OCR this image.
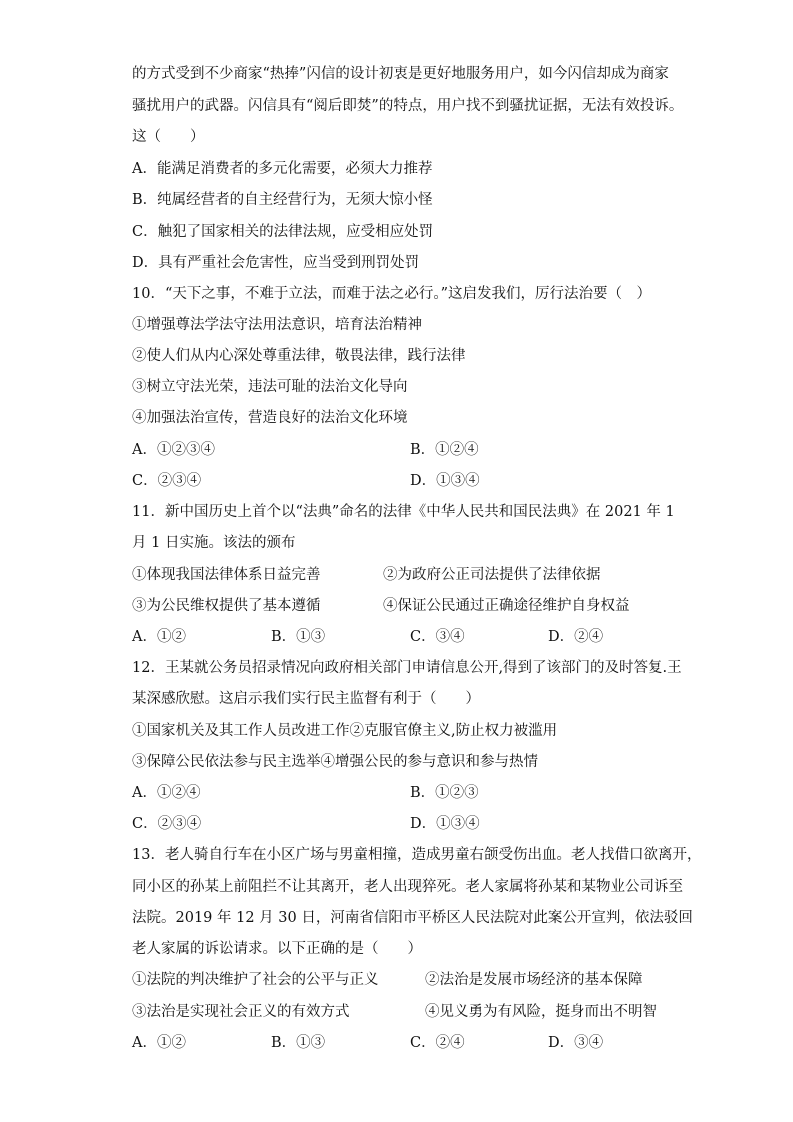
的方式受到不少商家“热捧”闪信的设计初衷是更好地服务用户，如今闪信却成为商家
骚扰用户的武器。闪信具有“阅后即焚”的特点，用户找不到骚扰证据，无法有效投诉。
这（　　）
A．能满足消费者的多元化需要，必须大力推荐
B．纯属经营者的自主经营行为，无须大惊小怪
C．触犯了国家相关的法律法规，应受相应处罚
D．具有严重社会危害性，应当受到刑罚处罚
10．“天下之事，不难于立法，而难于法之必行。”这启发我们，厉行法治要（　）
①增强尊法学法守法用法意识，培育法治精神
②使人们从内心深处尊重法律，敬畏法律，践行法律
③树立守法光荣，违法可耻的法治文化导向
④加强法治宣传，营造良好的法治文化环境
A．①②③④	B．①②④
C．②③④	D．①③④
11．新中国历史上首个以“法典”命名的法律《中华人民共和国民法典》在 2021 年 1
月 1 日实施。该法的颁布
①体现我国法律体系日益完善	②为政府公正司法提供了法律依据
③为公民维权提供了基本遵循	④保证公民通过正确途径维护自身权益
A．①②	B．①③	C．③④	D．②④
12．王某就公务员招录情况向政府相关部门申请信息公开,得到了该部门的及时答复.王
某深感欣慰。这启示我们实行民主监督有利于（　　）
①国家机关及其工作人员改进工作②克服官僚主义,防止权力被滥用
③保障公民依法参与民主选举④增强公民的参与意识和参与热情
A．①②④	B．①②③
C．②③④	D．①③④
13．老人骑自行车在小区广场与男童相撞，造成男童右颌受伤出血。老人找借口欲离开，
同小区的孙某上前阻拦不让其离开，老人出现猝死。老人家属将孙某和某物业公司诉至
法院。2019 年 12 月 30 日，河南省信阳市平桥区人民法院对此案公开宣判，依法驳回
老人家属的诉讼请求。以下正确的是（　　）
①法院的判决维护了社会的公平与正义	②法治是发展市场经济的基本保障
③法治是实现社会正义的有效方式	④见义勇为有风险，挺身而出不明智
A．①②	B．①③	C．②④	D．③④
